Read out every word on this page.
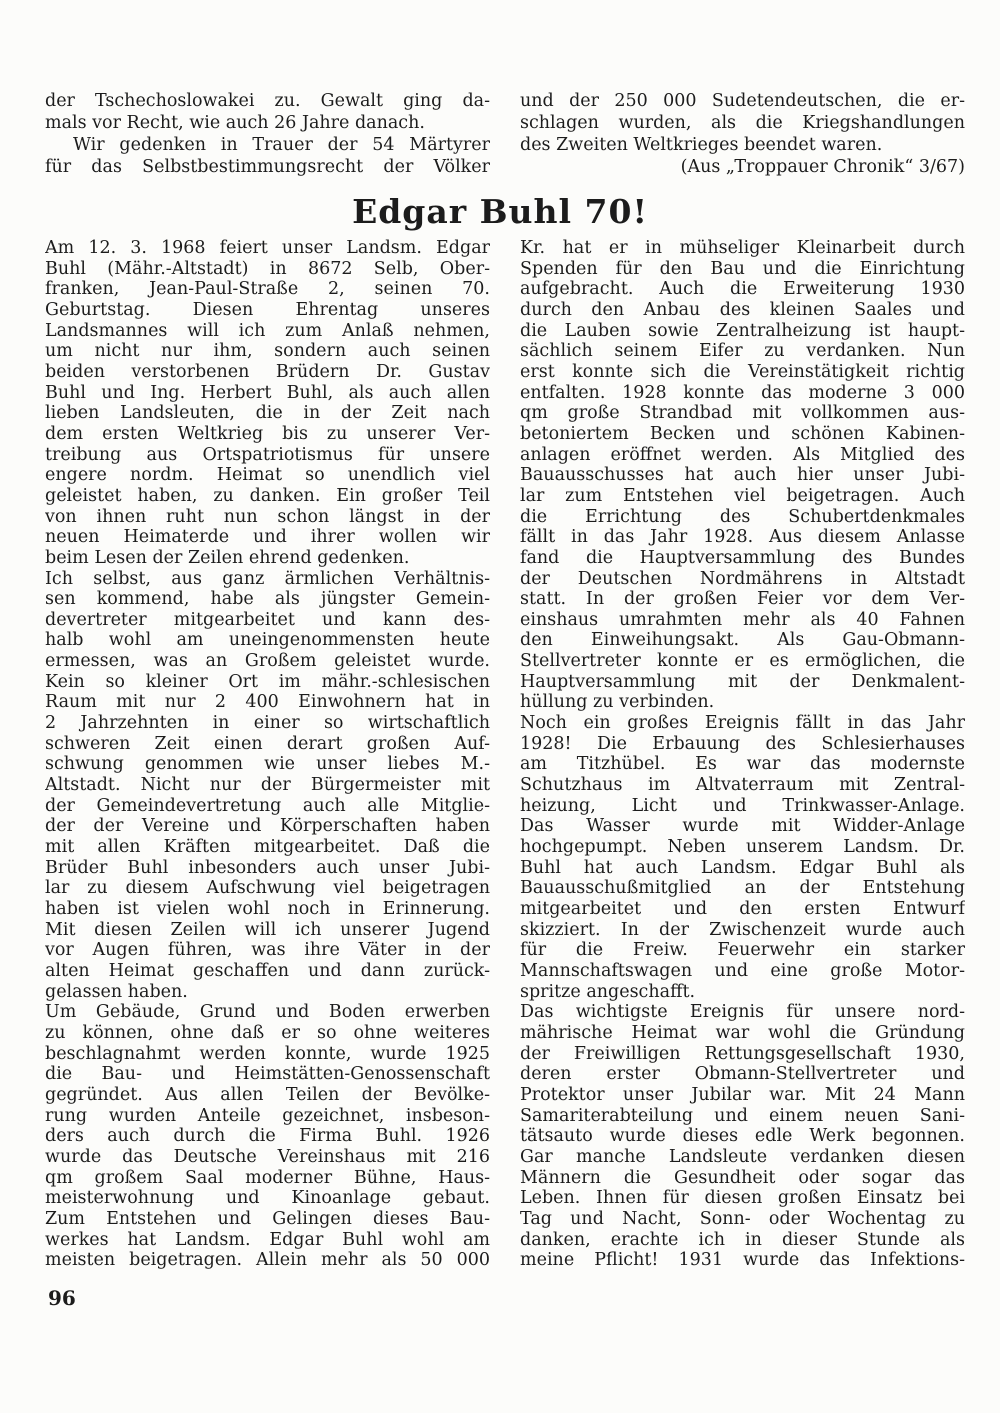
der Tschechoslowakei zu. Gewalt ging da-
mals vor Recht, wie auch 26 Jahre danach.
Wir gedenken in Trauer der 54 Märtyrer
für das Selbstbestimmungsrecht der Völker
und der 250 000 Sudetendeutschen, die er-
schlagen wurden, als die Kriegshandlungen
des Zweiten Weltkrieges beendet waren.
(Aus „Troppauer Chronik“ 3/67)
Edgar Buhl 70!
Am 12. 3. 1968 feiert unser Landsm. Edgar
Buhl (Mähr.-Altstadt) in 8672 Selb, Ober-
franken, Jean-Paul-Straße 2, seinen 70.
Geburtstag. Diesen Ehrentag unseres
Landsmannes will ich zum Anlaß nehmen,
um nicht nur ihm, sondern auch seinen
beiden verstorbenen Brüdern Dr. Gustav
Buhl und Ing. Herbert Buhl, als auch allen
lieben Landsleuten, die in der Zeit nach
dem ersten Weltkrieg bis zu unserer Ver-
treibung aus Ortspatriotismus für unsere
engere nordm. Heimat so unendlich viel
geleistet haben, zu danken. Ein großer Teil
von ihnen ruht nun schon längst in der
neuen Heimaterde und ihrer wollen wir
beim Lesen der Zeilen ehrend gedenken.
Ich selbst, aus ganz ärmlichen Verhältnis-
sen kommend, habe als jüngster Gemein-
devertreter mitgearbeitet und kann des-
halb wohl am uneingenommensten heute
ermessen, was an Großem geleistet wurde.
Kein so kleiner Ort im mähr.-schlesischen
Raum mit nur 2 400 Einwohnern hat in
2 Jahrzehnten in einer so wirtschaftlich
schweren Zeit einen derart großen Auf-
schwung genommen wie unser liebes M.-
Altstadt. Nicht nur der Bürgermeister mit
der Gemeindevertretung auch alle Mitglie-
der der Vereine und Körperschaften haben
mit allen Kräften mitgearbeitet. Daß die
Brüder Buhl inbesonders auch unser Jubi-
lar zu diesem Aufschwung viel beigetragen
haben ist vielen wohl noch in Erinnerung.
Mit diesen Zeilen will ich unserer Jugend
vor Augen führen, was ihre Väter in der
alten Heimat geschaffen und dann zurück-
gelassen haben.
Um Gebäude, Grund und Boden erwerben
zu können, ohne daß er so ohne weiteres
beschlagnahmt werden konnte, wurde 1925
die Bau- und Heimstätten-Genossenschaft
gegründet. Aus allen Teilen der Bevölke-
rung wurden Anteile gezeichnet, insbeson-
ders auch durch die Firma Buhl. 1926
wurde das Deutsche Vereinshaus mit 216
qm großem Saal moderner Bühne, Haus-
meisterwohnung und Kinoanlage gebaut.
Zum Entstehen und Gelingen dieses Bau-
werkes hat Landsm. Edgar Buhl wohl am
meisten beigetragen. Allein mehr als 50 000
Kr. hat er in mühseliger Kleinarbeit durch
Spenden für den Bau und die Einrichtung
aufgebracht. Auch die Erweiterung 1930
durch den Anbau des kleinen Saales und
die Lauben sowie Zentralheizung ist haupt-
sächlich seinem Eifer zu verdanken. Nun
erst konnte sich die Vereinstätigkeit richtig
entfalten. 1928 konnte das moderne 3 000
qm große Strandbad mit vollkommen aus-
betoniertem Becken und schönen Kabinen-
anlagen eröffnet werden. Als Mitglied des
Bauausschusses hat auch hier unser Jubi-
lar zum Entstehen viel beigetragen. Auch
die Errichtung des Schubertdenkmales
fällt in das Jahr 1928. Aus diesem Anlasse
fand die Hauptversammlung des Bundes
der Deutschen Nordmährens in Altstadt
statt. In der großen Feier vor dem Ver-
einshaus umrahmten mehr als 40 Fahnen
den Einweihungsakt. Als Gau-Obmann-
Stellvertreter konnte er es ermöglichen, die
Hauptversammlung mit der Denkmalent-
hüllung zu verbinden.
Noch ein großes Ereignis fällt in das Jahr
1928! Die Erbauung des Schlesierhauses
am Titzhübel. Es war das modernste
Schutzhaus im Altvaterraum mit Zentral-
heizung, Licht und Trinkwasser-Anlage.
Das Wasser wurde mit Widder-Anlage
hochgepumpt. Neben unserem Landsm. Dr.
Buhl hat auch Landsm. Edgar Buhl als
Bauausschußmitglied an der Entstehung
mitgearbeitet und den ersten Entwurf
skizziert. In der Zwischenzeit wurde auch
für die Freiw. Feuerwehr ein starker
Mannschaftswagen und eine große Motor-
spritze angeschafft.
Das wichtigste Ereignis für unsere nord-
mährische Heimat war wohl die Gründung
der Freiwilligen Rettungsgesellschaft 1930,
deren erster Obmann-Stellvertreter und
Protektor unser Jubilar war. Mit 24 Mann
Samariterabteilung und einem neuen Sani-
tätsauto wurde dieses edle Werk begonnen.
Gar manche Landsleute verdanken diesen
Männern die Gesundheit oder sogar das
Leben. Ihnen für diesen großen Einsatz bei
Tag und Nacht, Sonn- oder Wochentag zu
danken, erachte ich in dieser Stunde als
meine Pflicht! 1931 wurde das Infektions-
96
